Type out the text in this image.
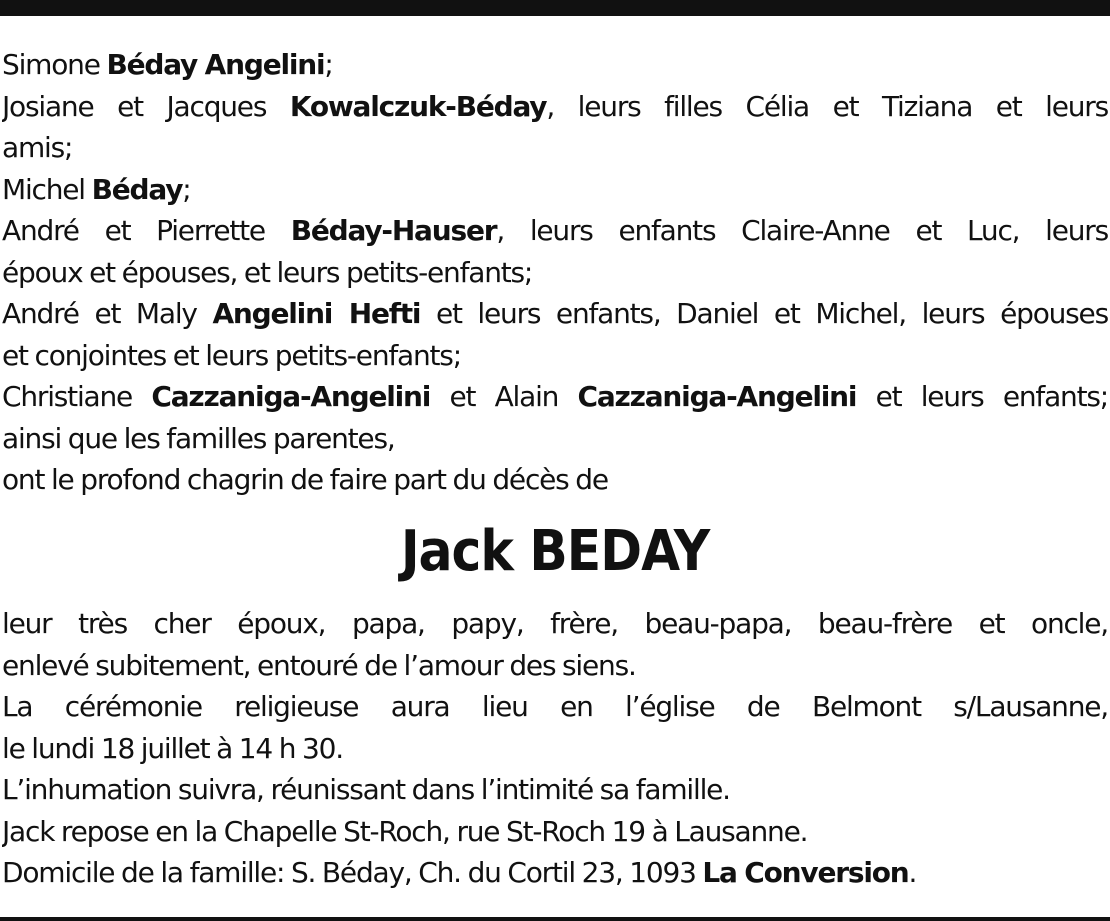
Simone Béday Angelini;
Josiane et Jacques Kowalczuk-Béday, leurs filles Célia et Tiziana et leurs
amis;
Michel Béday;
André et Pierrette Béday-Hauser, leurs enfants Claire-Anne et Luc, leurs
époux et épouses, et leurs petits-enfants;
André et Maly Angelini Hefti et leurs enfants, Daniel et Michel, leurs épouses
et conjointes et leurs petits-enfants;
Christiane Cazzaniga-Angelini et Alain Cazzaniga-Angelini et leurs enfants;
ainsi que les familles parentes,
ont le profond chagrin de faire part du décès de
Jack BEDAY
leur très cher époux, papa, papy, frère, beau-papa, beau-frère et oncle,
enlevé subitement, entouré de l’amour des siens.
La cérémonie religieuse aura lieu en l’église de Belmont s/Lausanne,
le lundi 18 juillet à 14 h 30.
L’inhumation suivra, réunissant dans l’intimité sa famille.
Jack repose en la Chapelle St-Roch, rue St-Roch 19 à Lausanne.
Domicile de la famille: S. Béday, Ch. du Cortil 23, 1093 La Conversion.
